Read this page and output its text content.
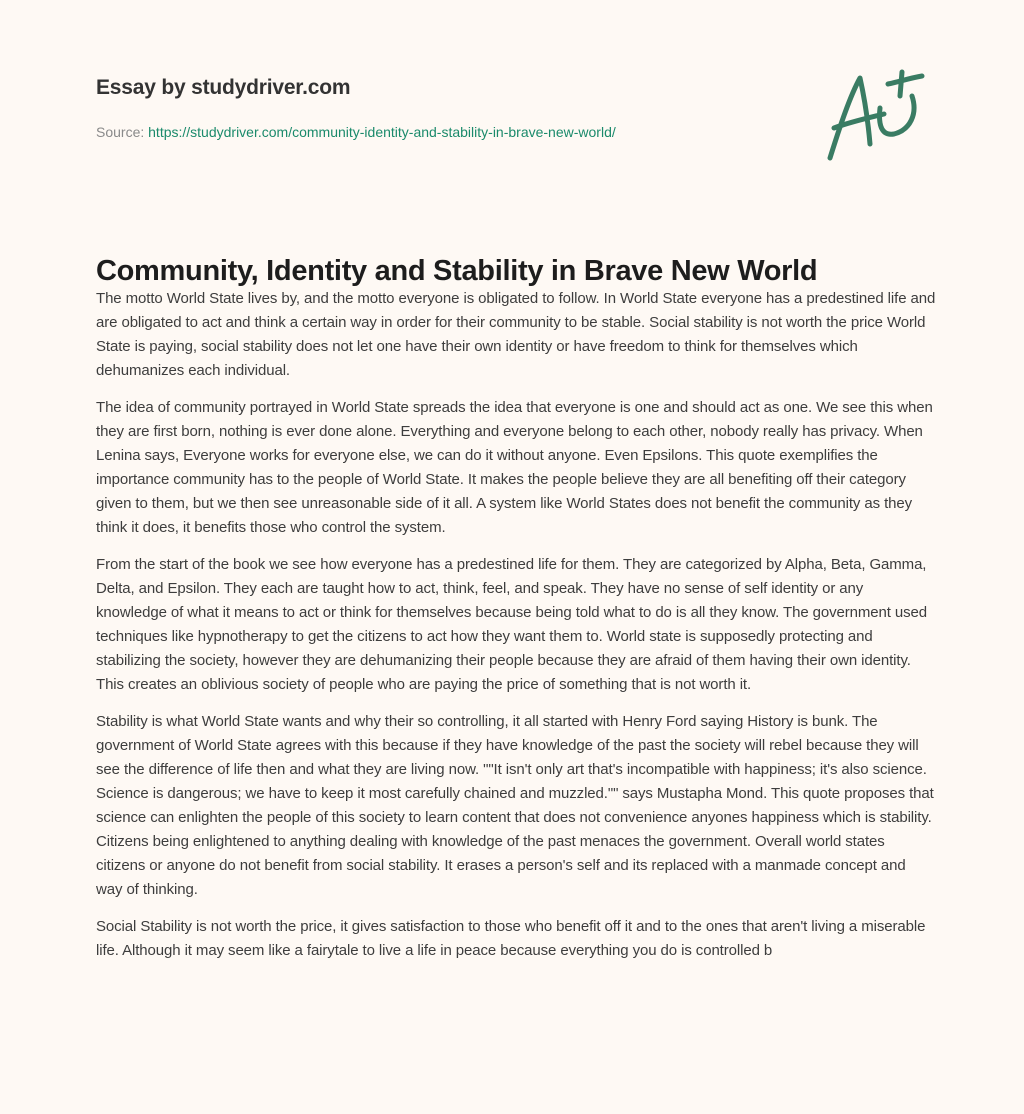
Essay by studydriver.com
Source: https://studydriver.com/community-identity-and-stability-in-brave-new-world/
Community, Identity and Stability in Brave New World

The motto World State lives by, and the motto everyone is obligated to follow. In World State everyone has a predestined life and are obligated to act and think a certain way in order for their community to be stable. Social stability is not worth the price World State is paying, social stability does not let one have their own identity or have freedom to think for themselves which dehumanizes each individual.

The idea of community portrayed in World State spreads the idea that everyone is one and should act as one. We see this when they are first born, nothing is ever done alone. Everything and everyone belong to each other, nobody really has privacy. When Lenina says, Everyone works for everyone else, we can do it without anyone. Even Epsilons. This quote exemplifies the importance community has to the people of World State. It makes the people believe they are all benefiting off their category given to them, but we then see unreasonable side of it all. A system like World States does not benefit the community as they think it does, it benefits those who control the system.

From the start of the book we see how everyone has a predestined life for them. They are categorized by Alpha, Beta, Gamma, Delta, and Epsilon. They each are taught how to act, think, feel, and speak. They have no sense of self identity or any knowledge of what it means to act or think for themselves because being told what to do is all they know. The government used techniques like hypnotherapy to get the citizens to act how they want them to. World state is supposedly protecting and stabilizing the society, however they are dehumanizing their people because they are afraid of them having their own identity. This creates an oblivious society of people who are paying the price of something that is not worth it.

Stability is what World State wants and why their so controlling, it all started with Henry Ford saying History is bunk. The government of World State agrees with this because if they have knowledge of the past the society will rebel because they will see the difference of life then and what they are living now. ""It isn't only art that's incompatible with happiness; it's also science. Science is dangerous; we have to keep it most carefully chained and muzzled."" says Mustapha Mond. This quote proposes that science can enlighten the people of this society to learn content that does not convenience anyones happiness which is stability. Citizens being enlightened to anything dealing with knowledge of the past menaces the government. Overall world states citizens or anyone do not benefit from social stability. It erases a person's self and its replaced with a manmade concept and way of thinking.

Social Stability is not worth the price, it gives satisfaction to those who benefit off it and to the ones that aren't living a miserable life. Although it may seem like a fairytale to live a life in peace because everything you do is controlled b
